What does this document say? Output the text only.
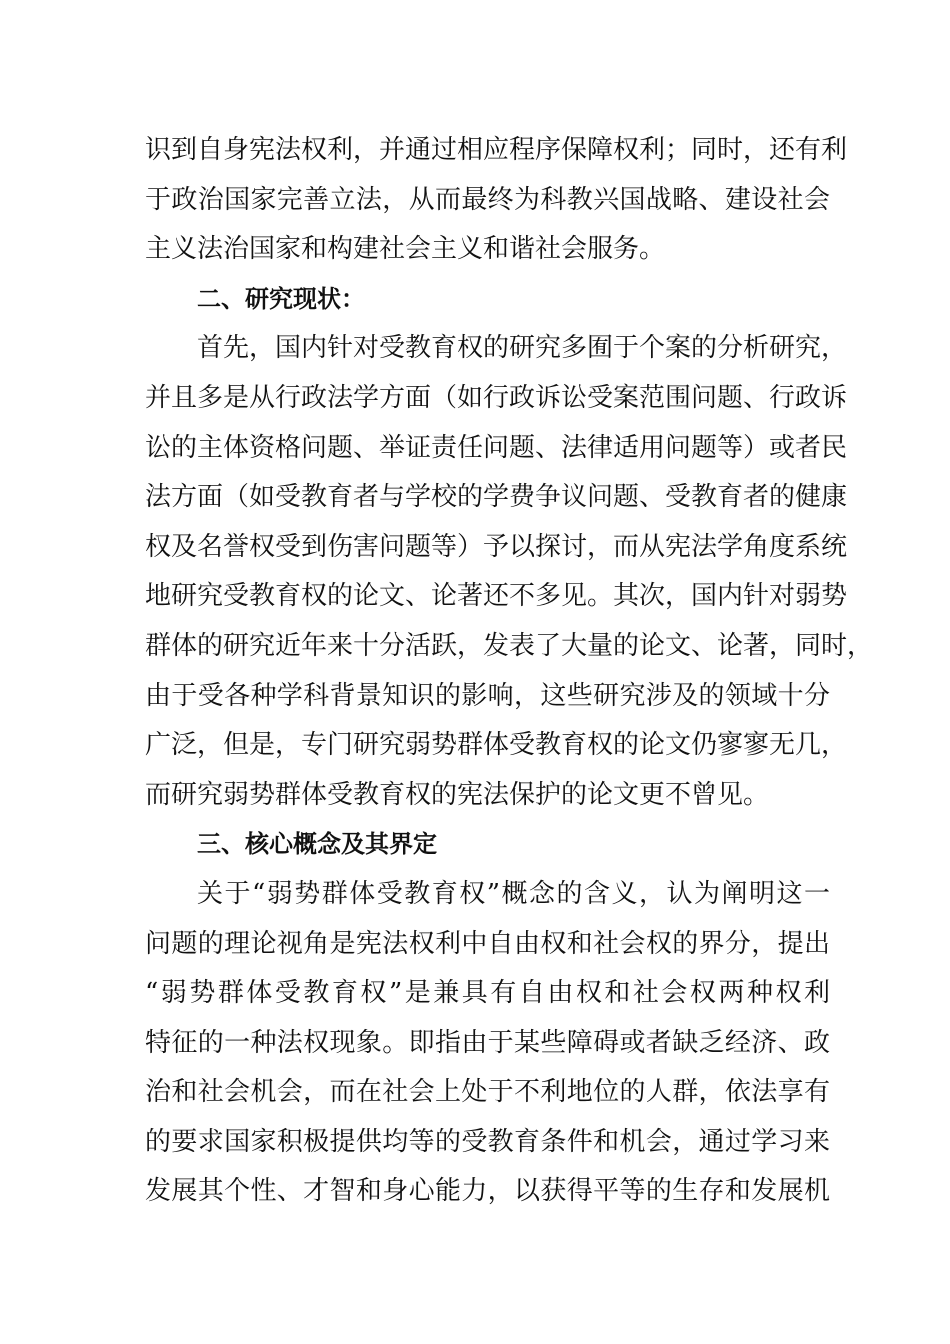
识到自身宪法权利，并通过相应程序保障权利；同时，还有利
于政治国家完善立法，从而最终为科教兴国战略、建设社会
主义法治国家和构建社会主义和谐社会服务。
二、研究现状：
首先，国内针对受教育权的研究多囿于个案的分析研究，
并且多是从行政法学方面（如行政诉讼受案范围问题、行政诉
讼的主体资格问题、举证责任问题、法律适用问题等）或者民
法方面（如受教育者与学校的学费争议问题、受教育者的健康
权及名誉权受到伤害问题等）予以探讨，而从宪法学角度系统
地研究受教育权的论文、论著还不多见。其次，国内针对弱势
群体的研究近年来十分活跃，发表了大量的论文、论著，同时，
由于受各种学科背景知识的影响，这些研究涉及的领域十分
广泛，但是，专门研究弱势群体受教育权的论文仍寥寥无几，
而研究弱势群体受教育权的宪法保护的论文更不曾见。
三、核心概念及其界定
关于“弱势群体受教育权”概念的含义，认为阐明这一
问题的理论视角是宪法权利中自由权和社会权的界分，提出
“弱势群体受教育权”是兼具有自由权和社会权两种权利
特征的一种法权现象。即指由于某些障碍或者缺乏经济、政
治和社会机会，而在社会上处于不利地位的人群，依法享有
的要求国家积极提供均等的受教育条件和机会，通过学习来
发展其个性、才智和身心能力，以获得平等的生存和发展机
